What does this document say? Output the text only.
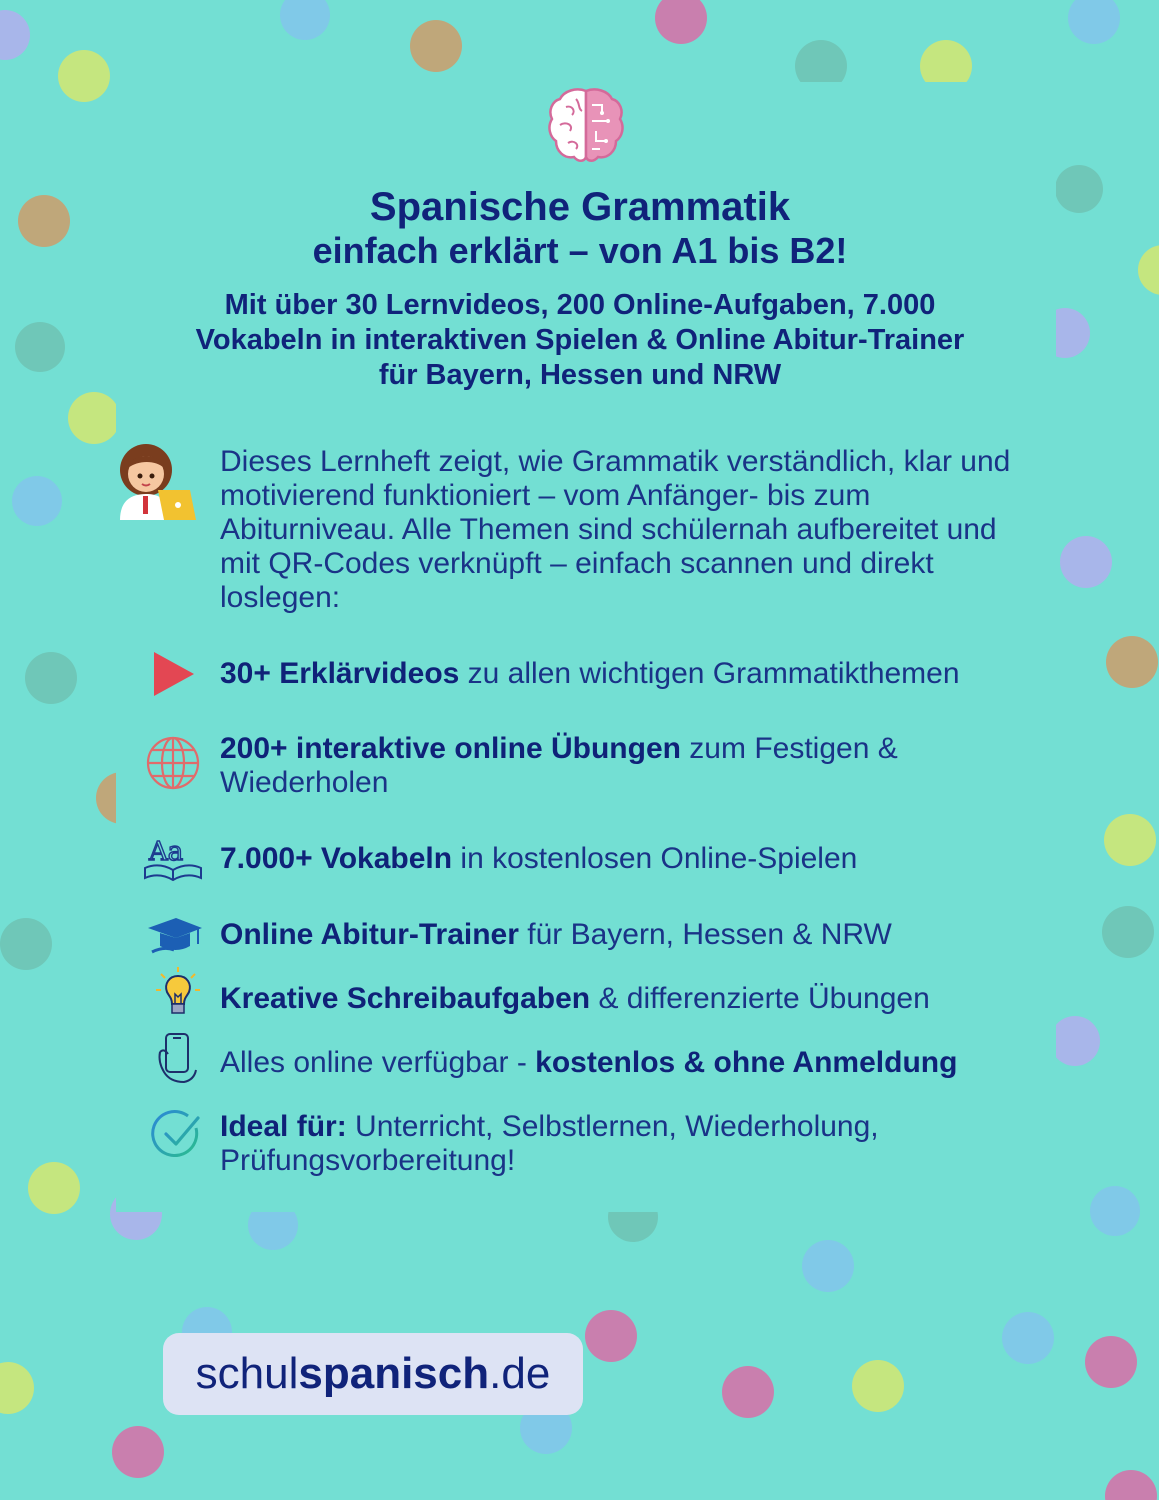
Spanische Grammatik
einfach erklärt – von A1 bis B2!

Mit über 30 Lernvideos, 200 Online-Aufgaben, 7.000 Vokabeln in interaktiven Spielen & Online Abitur-Trainer für Bayern, Hessen und NRW

Dieses Lernheft zeigt, wie Grammatik verständlich, klar und motivierend funktioniert – vom Anfänger- bis zum Abiturniveau. Alle Themen sind schülernah aufbereitet und mit QR-Codes verknüpft – einfach scannen und direkt loslegen:

Aa

30+ Erklärvideos zu allen wichtigen Grammatikthemen

200+ interaktive online Übungen zum Festigen & Wiederholen

7.000+ Vokabeln in kostenlosen Online-Spielen

Online Abitur-Trainer für Bayern, Hessen & NRW

Kreative Schreibaufgaben & differenzierte Übungen

Alles online verfügbar - kostenlos & ohne Anmeldung

Ideal für: Unterricht, Selbstlernen, Wiederholung, Prüfungsvorbereitung!

schulspanisch.de
